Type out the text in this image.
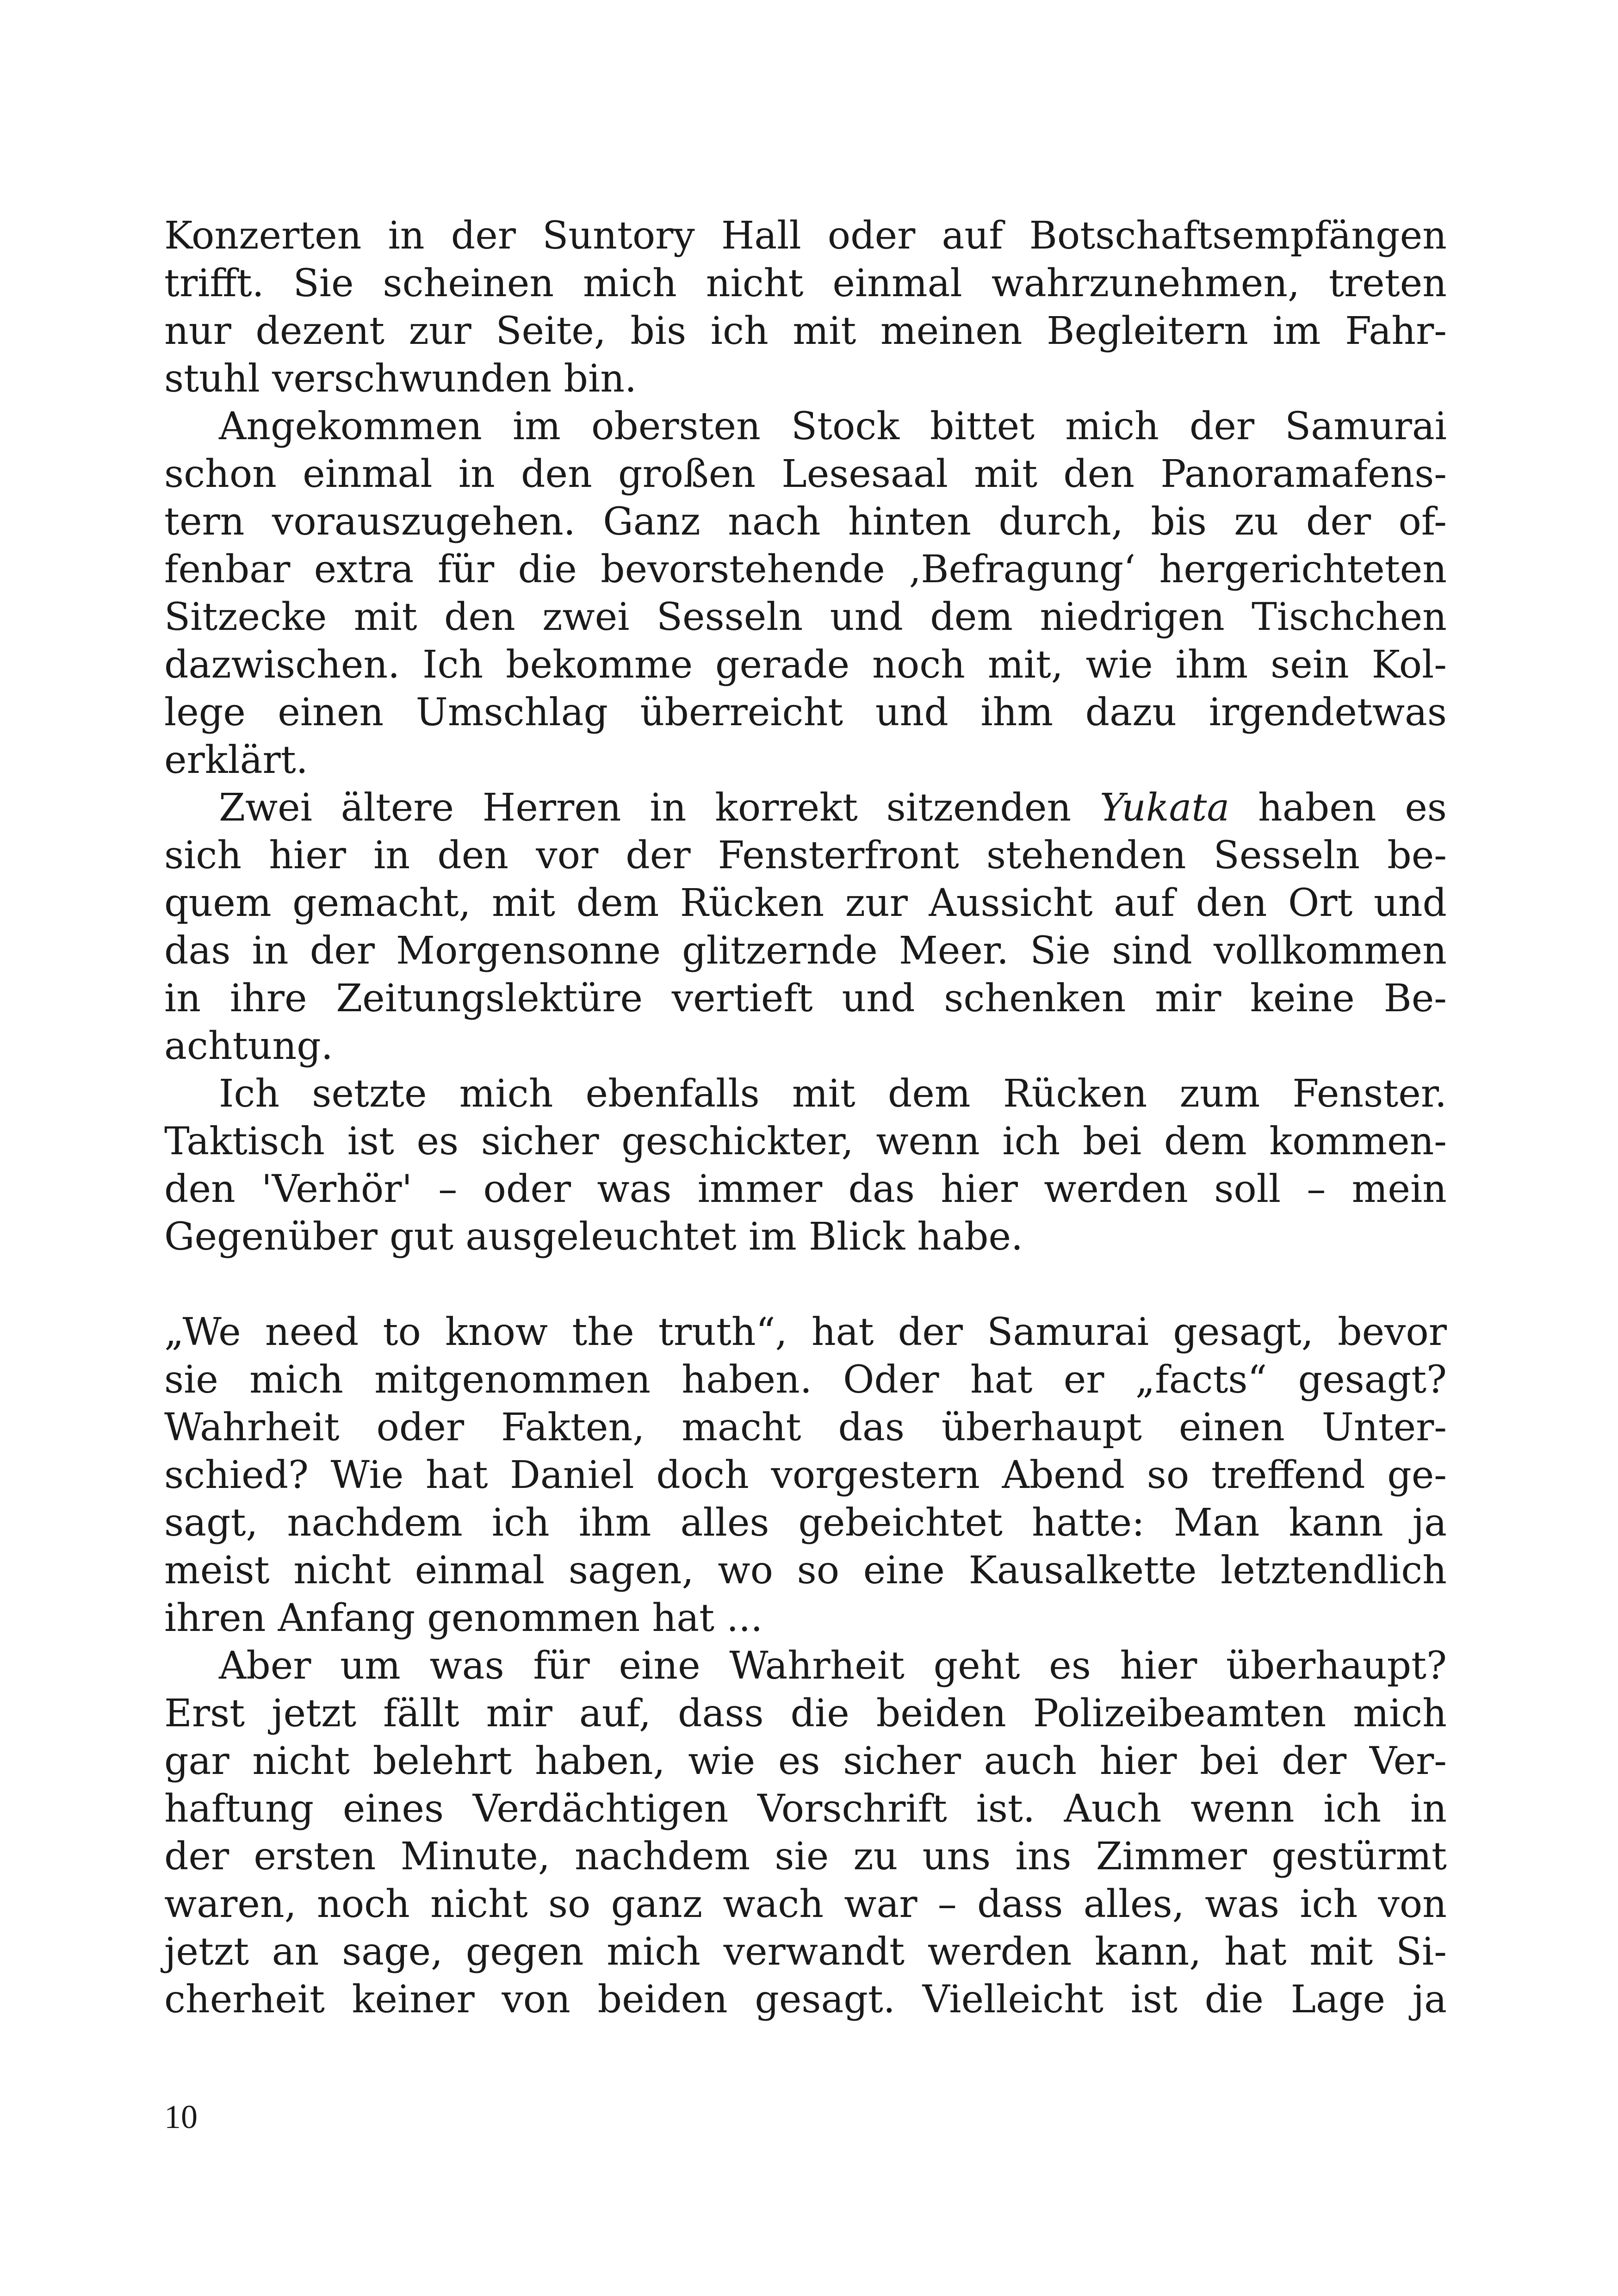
Konzerten in der Suntory Hall oder auf Botschaftsempfängen
trifft. Sie scheinen mich nicht einmal wahrzunehmen, treten
nur dezent zur Seite, bis ich mit meinen Begleitern im Fahr-
stuhl verschwunden bin.
Angekommen im obersten Stock bittet mich der Samurai
schon einmal in den großen Lesesaal mit den Panoramafens-
tern vorauszugehen. Ganz nach hinten durch, bis zu der of-
fenbar extra für die bevorstehende ‚Befragung‘ hergerichteten
Sitzecke mit den zwei Sesseln und dem niedrigen Tischchen
dazwischen. Ich bekomme gerade noch mit, wie ihm sein Kol-
lege einen Umschlag überreicht und ihm dazu irgendetwas
erklärt.
Zwei ältere Herren in korrekt sitzenden Yukata haben es
sich hier in den vor der Fensterfront stehenden Sesseln be-
quem gemacht, mit dem Rücken zur Aussicht auf den Ort und
das in der Morgensonne glitzernde Meer. Sie sind vollkommen
in ihre Zeitungslektüre vertieft und schenken mir keine Be-
achtung.
Ich setzte mich ebenfalls mit dem Rücken zum Fenster.
Taktisch ist es sicher geschickter, wenn ich bei dem kommen-
den 'Verhör' – oder was immer das hier werden soll – mein
Gegenüber gut ausgeleuchtet im Blick habe.
„We need to know the truth“, hat der Samurai gesagt, bevor
sie mich mitgenommen haben. Oder hat er „facts“ gesagt?
Wahrheit oder Fakten, macht das überhaupt einen Unter-
schied? Wie hat Daniel doch vorgestern Abend so treffend ge-
sagt, nachdem ich ihm alles gebeichtet hatte: Man kann ja
meist nicht einmal sagen, wo so eine Kausalkette letztendlich
ihren Anfang genommen hat ...
Aber um was für eine Wahrheit geht es hier überhaupt?
Erst jetzt fällt mir auf, dass die beiden Polizeibeamten mich
gar nicht belehrt haben, wie es sicher auch hier bei der Ver-
haftung eines Verdächtigen Vorschrift ist. Auch wenn ich in
der ersten Minute, nachdem sie zu uns ins Zimmer gestürmt
waren, noch nicht so ganz wach war – dass alles, was ich von
jetzt an sage, gegen mich verwandt werden kann, hat mit Si-
cherheit keiner von beiden gesagt. Vielleicht ist die Lage ja
10
